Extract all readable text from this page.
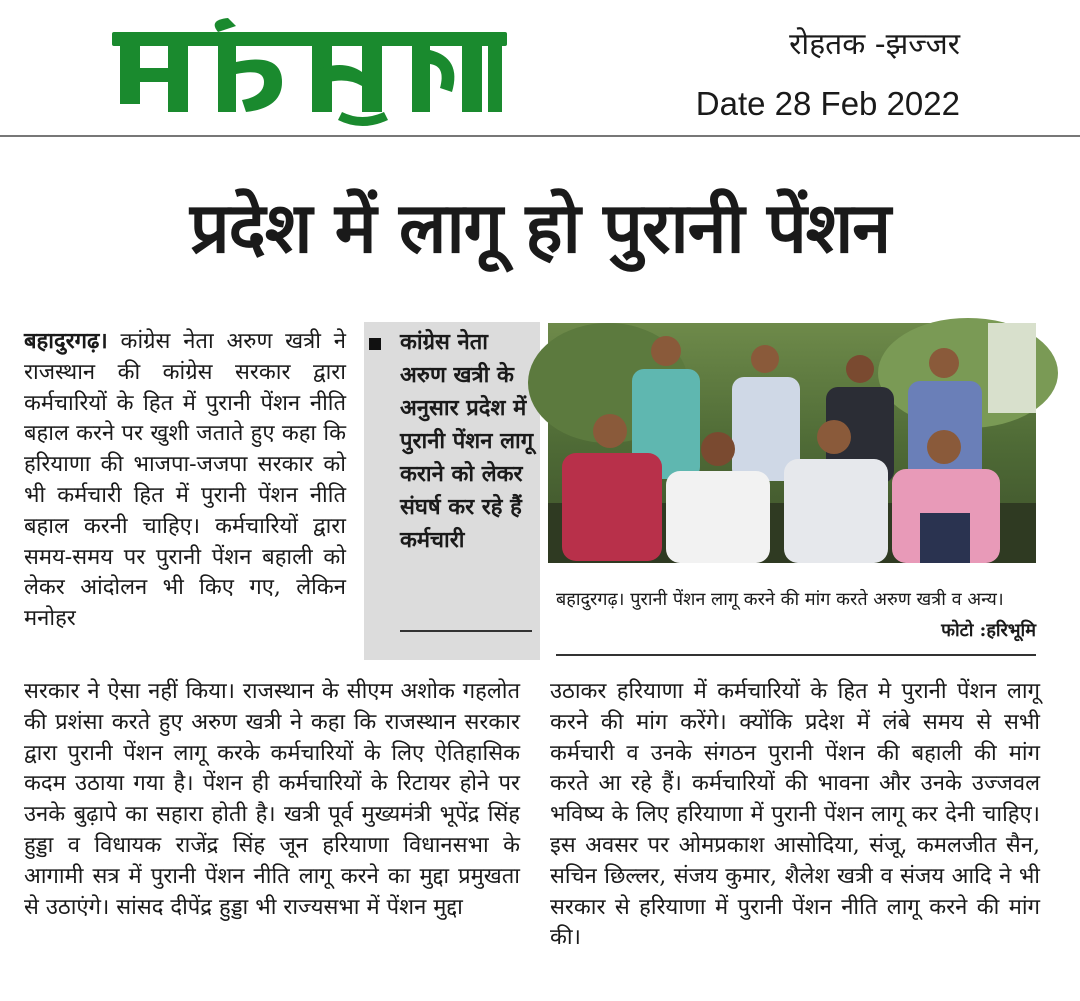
हरिभूमि
रोहतक -झज्जर
Date 28 Feb 2022
प्रदेश में लागू हो पुरानी पेंशन

बहादुरगढ़। कांग्रेस नेता अरुण खत्री ने राजस्थान की कांग्रेस सरकार द्वारा कर्मचारियों के हित में पुरानी पेंशन नीति बहाल करने पर खुशी जताते हुए कहा कि हरियाणा की भाजपा-जजपा सरकार को भी कर्मचारी हित में पुरानी पेंशन नीति बहाल करनी चाहिए। कर्मचारियों द्वारा समय-समय पर पुरानी पेंशन बहाली को लेकर आंदोलन भी किए गए, लेकिन मनोहर

कांग्रेस नेता अरुण खत्री के अनुसार प्रदेश में पुरानी पेंशन लागू कराने को लेकर संघर्ष कर रहे हैं कर्मचारी
बहादुरगढ़। पुरानी पेंशन लागू करने की मांग करते अरुण खत्री व अन्य।
फोटो :हरिभूमि

सरकार ने ऐसा नहीं किया। राजस्थान के सीएम अशोक गहलोत की प्रशंसा करते हुए अरुण खत्री ने कहा कि राजस्थान सरकार द्वारा पुरानी पेंशन लागू करके कर्मचारियों के लिए ऐतिहासिक कदम उठाया गया है। पेंशन ही कर्मचारियों के रिटायर होने पर उनके बुढ़ापे का सहारा होती है। खत्री पूर्व मुख्यमंत्री भूपेंद्र सिंह हुड्डा व विधायक राजेंद्र सिंह जून हरियाणा विधानसभा के आगामी सत्र में पुरानी पेंशन नीति लागू करने का मुद्दा प्रमुखता से उठाएंगे। सांसद दीपेंद्र हुड्डा भी राज्यसभा में पेंशन मुद्दा

उठाकर हरियाणा में कर्मचारियों के हित मे पुरानी पेंशन लागू करने की मांग करेंगे। क्योंकि प्रदेश में लंबे समय से सभी कर्मचारी व उनके संगठन पुरानी पेंशन की बहाली की मांग करते आ रहे हैं। कर्मचारियों की भावना और उनके उज्जवल भविष्य के लिए हरियाणा में पुरानी पेंशन लागू कर देनी चाहिए। इस अवसर पर ओमप्रकाश आसोदिया, संजू, कमलजीत सैन, सचिन छिल्लर, संजय कुमार, शैलेश खत्री व संजय आदि ने भी सरकार से हरियाणा में पुरानी पेंशन नीति लागू करने की मांग की।
